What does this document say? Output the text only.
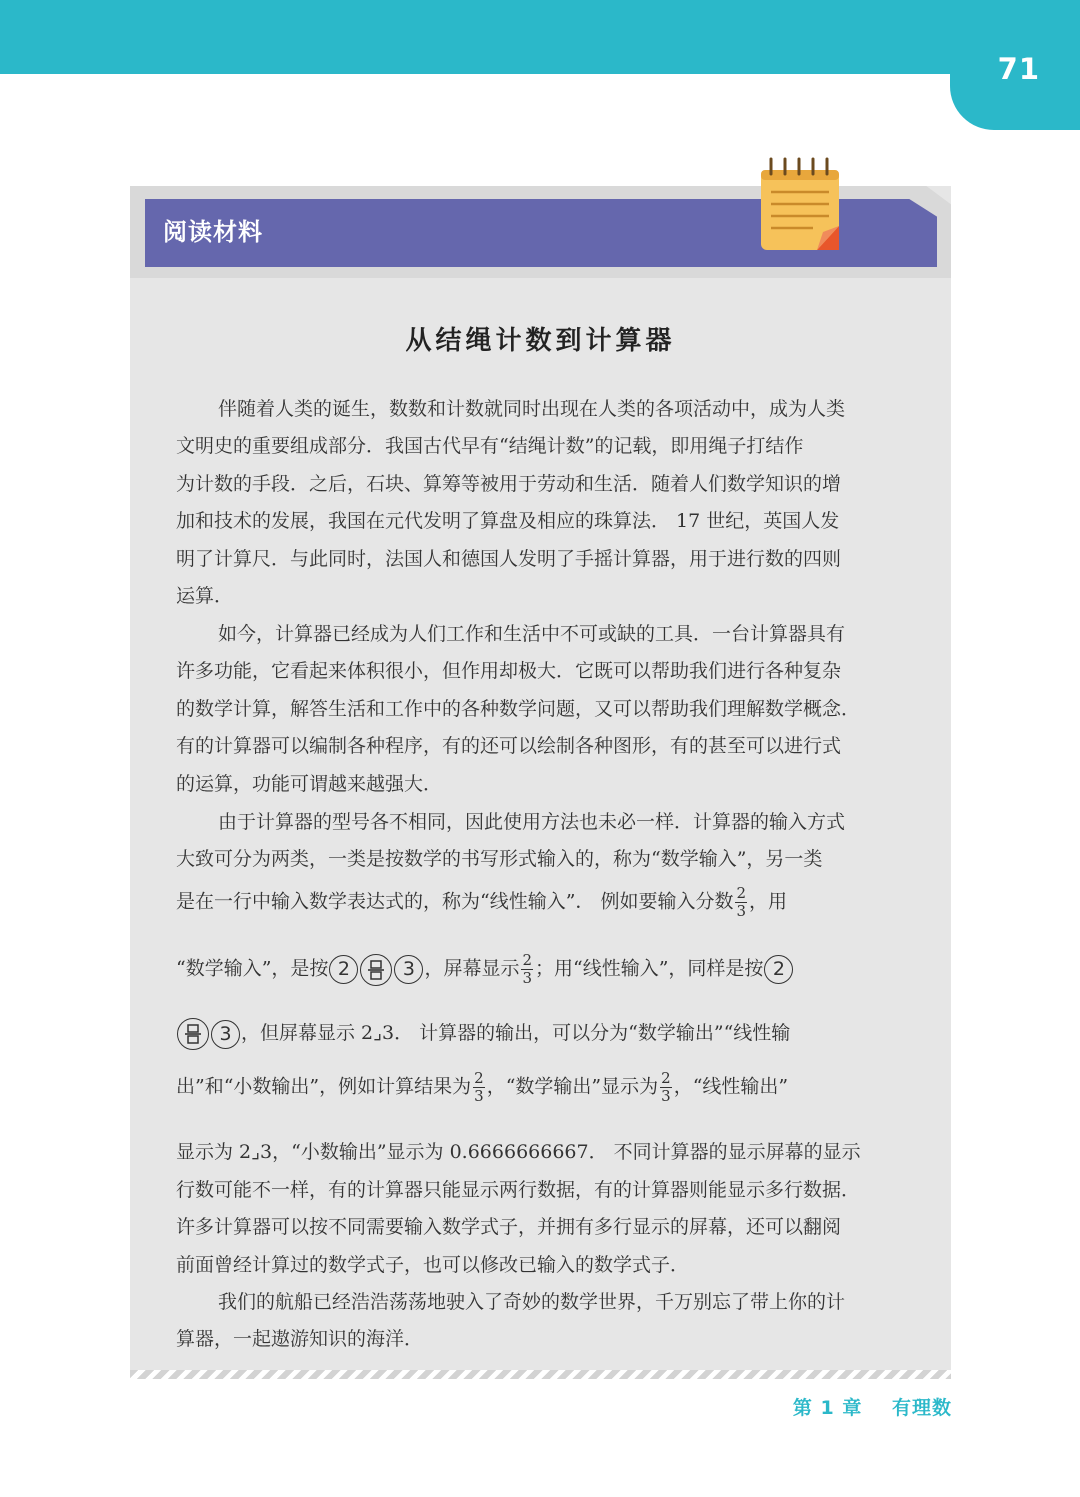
71
阅读材料
从结绳计数到计算器
伴随着人类的诞生，数数和计数就同时出现在人类的各项活动中，成为人类
文明史的重要组成部分．我国古代早有“结绳计数”的记载，即用绳子打结作
为计数的手段．之后，石块、算筹等被用于劳动和生活．随着人们数学知识的增
加和技术的发展，我国在元代发明了算盘及相应的珠算法． 17 世纪，英国人发
明了计算尺．与此同时，法国人和德国人发明了手摇计算器，用于进行数的四则
运算．
如今，计算器已经成为人们工作和生活中不可或缺的工具．一台计算器具有
许多功能，它看起来体积很小，但作用却极大．它既可以帮助我们进行各种复杂
的数学计算，解答生活和工作中的各种数学问题，又可以帮助我们理解数学概念．
有的计算器可以编制各种程序，有的还可以绘制各种图形，有的甚至可以进行式
的运算，功能可谓越来越强大．
由于计算器的型号各不相同，因此使用方法也未必一样．计算器的输入方式
大致可分为两类，一类是按数学的书写形式输入的，称为“数学输入”，另一类
是在一行中输入数学表达式的，称为“线性输入”． 例如要输入分数 $\frac{2}{3}$ ，用
“数学输入”，是按 2	3 ，屏幕显示 $\frac{2}{3}$ ；用“线性输入”，同样是按 2
3 ，但屏幕显示 2⌟3． 计算器的输出，可以分为“数学输出”“线性输
出”和“小数输出”，例如计算结果为 $\frac{2}{3}$ ，“数学输出”显示为 $\frac{2}{3}$ ，“线性输出”
显示为 2⌟3，“小数输出”显示为 0.6666666667． 不同计算器的显示屏幕的显示
行数可能不一样，有的计算器只能显示两行数据，有的计算器则能显示多行数据．
许多计算器可以按不同需要输入数学式子，并拥有多行显示的屏幕，还可以翻阅
前面曾经计算过的数学式子，也可以修改已输入的数学式子．
我们的航船已经浩浩荡荡地驶入了奇妙的数学世界，千万别忘了带上你的计
算器，一起遨游知识的海洋．
第 1 章 有理数
